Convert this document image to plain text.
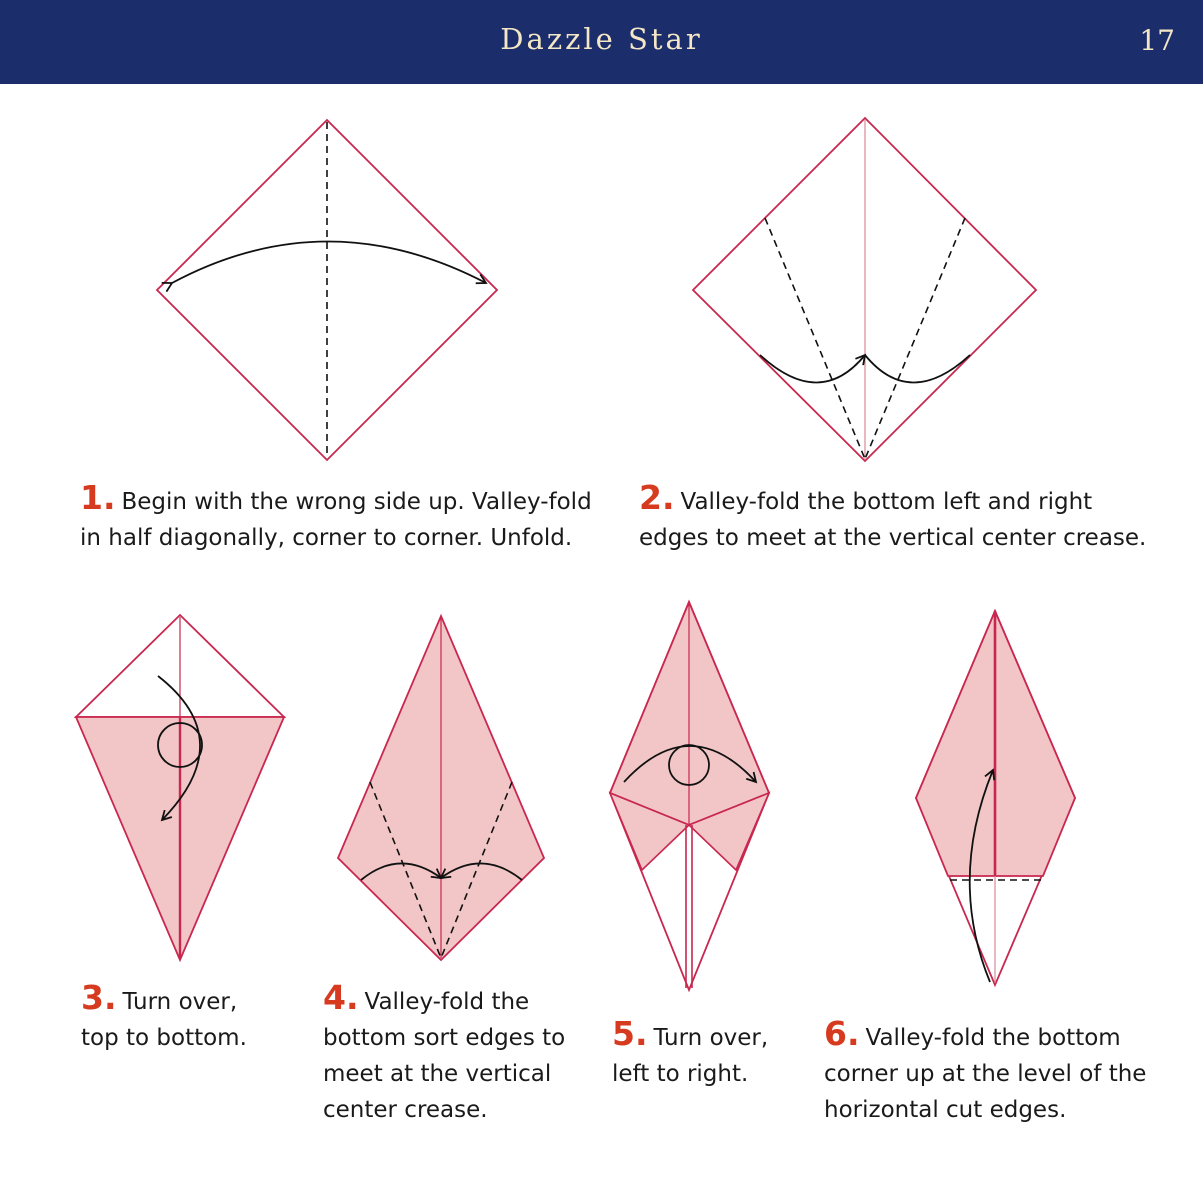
Dazzle Star	17
1. Begin with the wrong side up. Valley-fold in half diagonally, corner to corner. Unfold.
2. Valley-fold the bottom left and right edges to meet at the vertical center crease.
3. Turn over, top to bottom.
4. Valley-fold the bottom sort edges to meet at the vertical center crease.
5. Turn over, left to right.
6. Valley-fold the bottom corner up at the level of the horizontal cut edges.
